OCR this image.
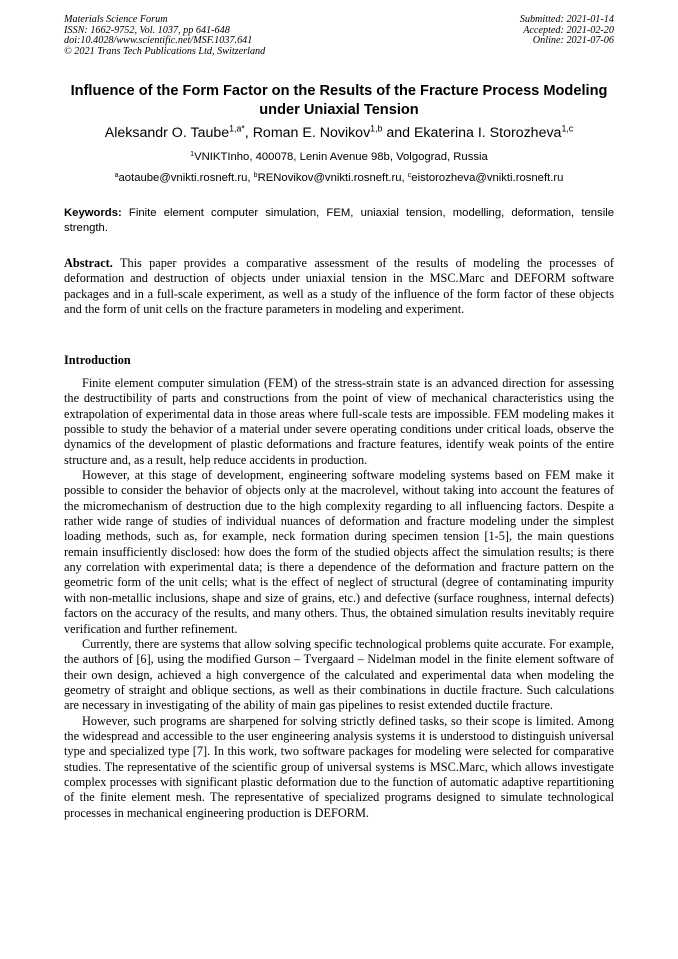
Materials Science Forum
ISSN: 1662-9752, Vol. 1037, pp 641-648
doi:10.4028/www.scientific.net/MSF.1037.641
© 2021 Trans Tech Publications Ltd, Switzerland
Submitted: 2021-01-14
Accepted: 2021-02-20
Online: 2021-07-06
Influence of the Form Factor on the Results of the Fracture Process Modeling under Uniaxial Tension
Aleksandr O. Taube$^{1,a*}$, Roman E. Novikov$^{1,b}$ and Ekaterina I. Storozheva$^{1,c}$
$^1$VNIKTInho, 400078, Lenin Avenue 98b, Volgograd, Russia
$^a$aotaube@vnikti.rosneft.ru, $^b$RENovikov@vnikti.rosneft.ru, $^c$eistorozheva@vnikti.rosneft.ru
Keywords: Finite element computer simulation, FEM, uniaxial tension, modelling, deformation, tensile strength.
Abstract. This paper provides a comparative assessment of the results of modeling the processes of deformation and destruction of objects under uniaxial tension in the MSC.Marc and DEFORM software packages and in a full-scale experiment, as well as a study of the influence of the form factor of these objects and the form of unit cells on the fracture parameters in modeling and experiment.
Introduction

Finite element computer simulation (FEM) of the stress-strain state is an advanced direction for assessing the destructibility of parts and constructions from the point of view of mechanical characteristics using the extrapolation of experimental data in those areas where full-scale tests are impossible. FEM modeling makes it possible to study the behavior of a material under severe operating conditions under critical loads, observe the dynamics of the development of plastic deformations and fracture features, identify weak points of the entire structure and, as a result, help reduce accidents in production.

However, at this stage of development, engineering software modeling systems based on FEM make it possible to consider the behavior of objects only at the macrolevel, without taking into account the features of the micromechanism of destruction due to the high complexity regarding to all influencing factors. Despite a rather wide range of studies of individual nuances of deformation and fracture modeling under the simplest loading methods, such as, for example, neck formation during specimen tension [1-5], the main questions remain insufficiently disclosed: how does the form of the studied objects affect the simulation results; is there any correlation with experimental data; is there a dependence of the deformation and fracture pattern on the geometric form of the unit cells; what is the effect of neglect of structural (degree of contaminating impurity with non-metallic inclusions, shape and size of grains, etc.) and defective (surface roughness, internal defects) factors on the accuracy of the results, and many others. Thus, the obtained simulation results inevitably require verification and further refinement.

Currently, there are systems that allow solving specific technological problems quite accurate. For example, the authors of [6], using the modified Gurson – Tvergaard – Nidelman model in the finite element software of their own design, achieved a high convergence of the calculated and experimental data when modeling the geometry of straight and oblique sections, as well as their combinations in ductile fracture. Such calculations are necessary in investigating of the ability of main gas pipelines to resist extended ductile fracture.

However, such programs are sharpened for solving strictly defined tasks, so their scope is limited. Among the widespread and accessible to the user engineering analysis systems it is understood to distinguish universal type and specialized type [7]. In this work, two software packages for modeling were selected for comparative studies. The representative of the scientific group of universal systems is MSC.Marc, which allows investigate complex processes with significant plastic deformation due to the function of automatic adaptive repartitioning of the finite element mesh. The representative of specialized programs designed to simulate technological processes in mechanical engineering production is DEFORM.
